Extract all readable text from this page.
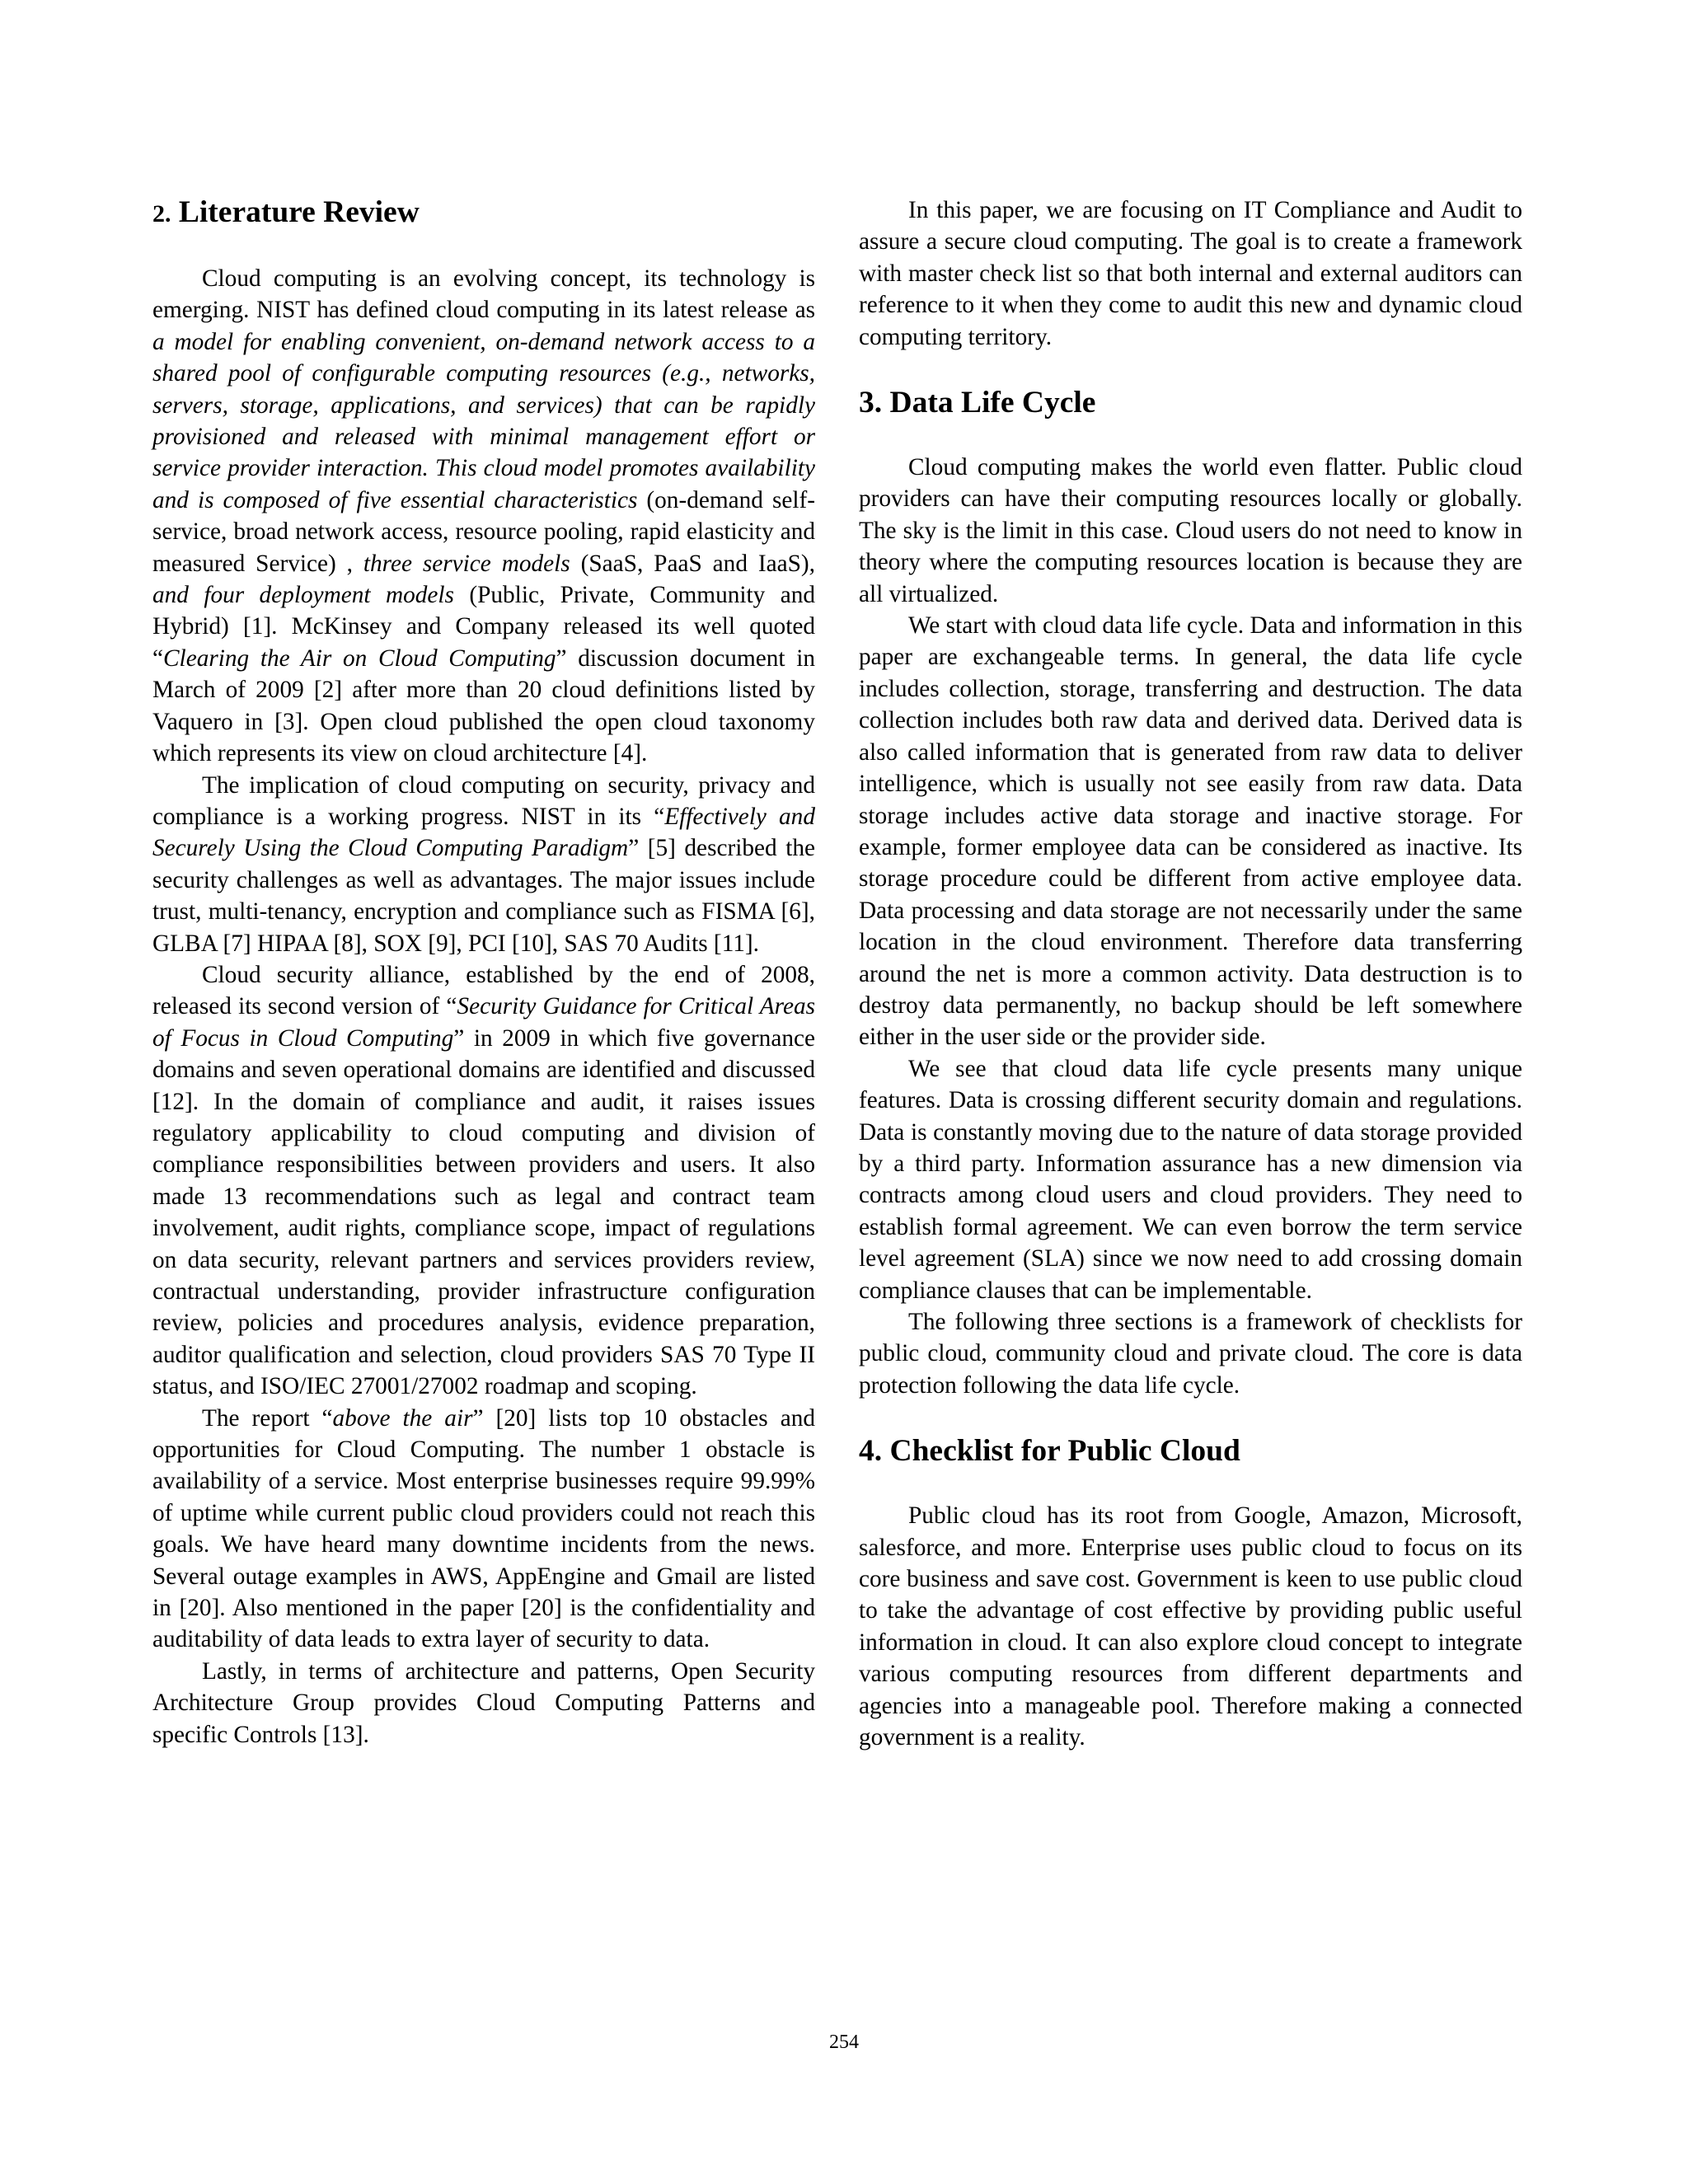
2. Literature Review

Cloud computing is an evolving concept, its technology is emerging. NIST has defined cloud computing in its latest release as a model for enabling convenient, on-demand network access to a shared pool of configurable computing resources (e.g., networks, servers, storage, applications, and services) that can be rapidly provisioned and released with minimal management effort or service provider interaction. This cloud model promotes availability and is composed of five essential characteristics (on-demand self-service, broad network access, resource pooling, rapid elasticity and measured Service) , three service models (SaaS, PaaS and IaaS), and four deployment models (Public, Private, Community and Hybrid) [1]. McKinsey and Company released its well quoted “Clearing the Air on Cloud Computing” discussion document in March of 2009 [2] after more than 20 cloud definitions listed by Vaquero in [3]. Open cloud published the open cloud taxonomy which represents its view on cloud architecture [4].

The implication of cloud computing on security, privacy and compliance is a working progress. NIST in its “Effectively and Securely Using the Cloud Computing Paradigm” [5] described the security challenges as well as advantages. The major issues include trust, multi-tenancy, encryption and compliance such as FISMA [6], GLBA [7] HIPAA [8], SOX [9], PCI [10], SAS 70 Audits [11].

Cloud security alliance, established by the end of 2008, released its second version of “Security Guidance for Critical Areas of Focus in Cloud Computing” in 2009 in which five governance domains and seven operational domains are identified and discussed [12]. In the domain of compliance and audit, it raises issues regulatory applicability to cloud computing and division of compliance responsibilities between providers and users. It also made 13 recommendations such as legal and contract team involvement, audit rights, compliance scope, impact of regulations on data security, relevant partners and services providers review, contractual understanding, provider infrastructure configuration review, policies and procedures analysis, evidence preparation, auditor qualification and selection, cloud providers SAS 70 Type II status, and ISO/IEC 27001/27002 roadmap and scoping.

The report “above the air” [20] lists top 10 obstacles and opportunities for Cloud Computing. The number 1 obstacle is availability of a service. Most enterprise businesses require 99.99% of uptime while current public cloud providers could not reach this goals. We have heard many downtime incidents from the news. Several outage examples in AWS, AppEngine and Gmail are listed in [20]. Also mentioned in the paper [20] is the confidentiality and auditability of data leads to extra layer of security to data.

Lastly, in terms of architecture and patterns, Open Security Architecture Group provides Cloud Computing Patterns and specific Controls [13].

In this paper, we are focusing on IT Compliance and Audit to assure a secure cloud computing. The goal is to create a framework with master check list so that both internal and external auditors can reference to it when they come to audit this new and dynamic cloud computing territory.

3. Data Life Cycle

Cloud computing makes the world even flatter. Public cloud providers can have their computing resources locally or globally. The sky is the limit in this case. Cloud users do not need to know in theory where the computing resources location is because they are all virtualized.

We start with cloud data life cycle. Data and information in this paper are exchangeable terms. In general, the data life cycle includes collection, storage, transferring and destruction. The data collection includes both raw data and derived data. Derived data is also called information that is generated from raw data to deliver intelligence, which is usually not see easily from raw data. Data storage includes active data storage and inactive storage. For example, former employee data can be considered as inactive. Its storage procedure could be different from active employee data. Data processing and data storage are not necessarily under the same location in the cloud environment. Therefore data transferring around the net is more a common activity. Data destruction is to destroy data permanently, no backup should be left somewhere either in the user side or the provider side.

We see that cloud data life cycle presents many unique features. Data is crossing different security domain and regulations. Data is constantly moving due to the nature of data storage provided by a third party. Information assurance has a new dimension via contracts among cloud users and cloud providers. They need to establish formal agreement. We can even borrow the term service level agreement (SLA) since we now need to add crossing domain compliance clauses that can be implementable.

The following three sections is a framework of checklists for public cloud, community cloud and private cloud. The core is data protection following the data life cycle.

4. Checklist for Public Cloud

Public cloud has its root from Google, Amazon, Microsoft, salesforce, and more. Enterprise uses public cloud to focus on its core business and save cost. Government is keen to use public cloud to take the advantage of cost effective by providing public useful information in cloud. It can also explore cloud concept to integrate various computing resources from different departments and agencies into a manageable pool. Therefore making a connected government is a reality.

254
